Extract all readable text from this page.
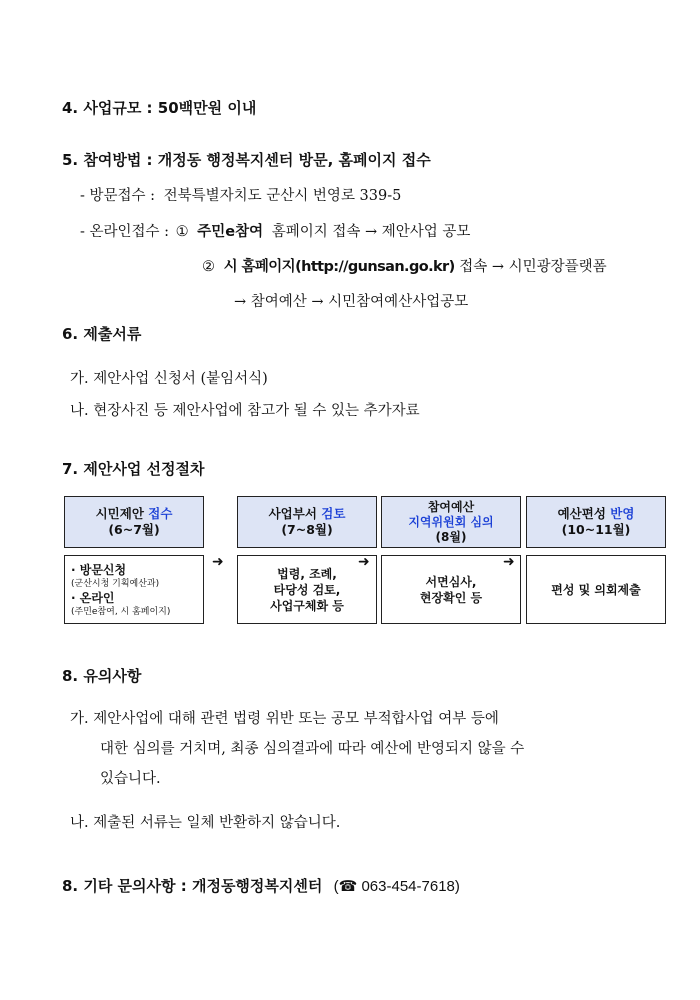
4. 사업규모 : 50백만원 이내
5. 참여방법 : 개정동 행정복지센터 방문, 홈페이지 접수
- 방문접수 : 전북특별자치도 군산시 번영로 339-5
- 온라인접수 : ① 주민e참여 홈페이지 접속 → 제안사업 공모
② 시 홈페이지(http://gunsan.go.kr) 접속 → 시민광장플랫폼
→ 참여예산 → 시민참여예산사업공모
6. 제출서류
가. 제안사업 신청서 (붙임서식)
나. 현장사진 등 제안사업에 참고가 될 수 있는 추가자료
7. 제안사업 선정절차
시민제안 접수
(6~7월)
· 방문신청
(군산시청 기획예산과)
· 온라인
(주민e참여, 시 홈페이지)
➜
사업부서 검토
(7~8월)
법령, 조례,
타당성 검토,
사업구체화 등
➜
참여예산
지역위원회 심의
(8월)
서면심사,
현장확인 등
➜
예산편성 반영
(10~11월)
편성 및 의회제출
8. 유의사항
가. 제안사업에 대해 관련 법령 위반 또는 공모 부적합사업 여부 등에
대한 심의를 거치며, 최종 심의결과에 따라 예산에 반영되지 않을 수
있습니다.
나. 제출된 서류는 일체 반환하지 않습니다.
8. 기타 문의사항 : 개정동행정복지센터 (☎ 063-454-7618)
